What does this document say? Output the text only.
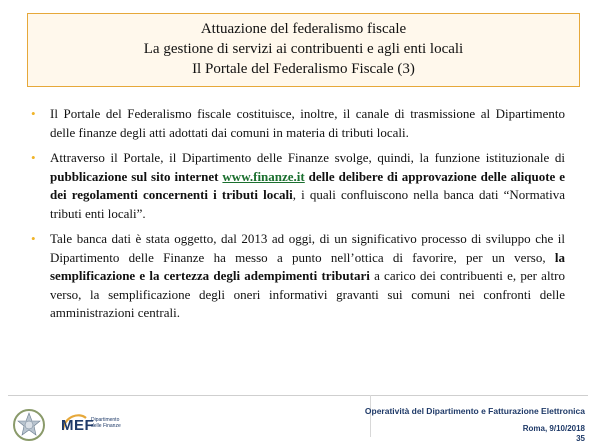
Attuazione del federalismo fiscale
La gestione di servizi ai contribuenti e agli enti locali
Il Portale del Federalismo Fiscale (3)
• Il Portale del Federalismo fiscale costituisce, inoltre, il canale di trasmissione al Dipartimento delle finanze degli atti adottati dai comuni in materia di tributi locali.
• Attraverso il Portale, il Dipartimento delle Finanze svolge, quindi, la funzione istituzionale di pubblicazione sul sito internet www.finanze.it delle delibere di approvazione delle aliquote e dei regolamenti concernenti i tributi locali, i quali confluiscono nella banca dati “Normativa tributi enti locali”.
• Tale banca dati è stata oggetto, dal 2013 ad oggi, di un significativo processo di sviluppo che il Dipartimento delle Finanze ha messo a punto nell’ottica di favorire, per un verso, la semplificazione e la certezza degli adempimenti tributari a carico dei contribuenti e, per altro verso, la semplificazione degli oneri informativi gravanti sui comuni nei confronti delle amministrazioni centrali.
MEF
Dipartimento delle Finanze
Operatività del Dipartimento e Fatturazione Elettronica
Roma, 9/10/2018
35
